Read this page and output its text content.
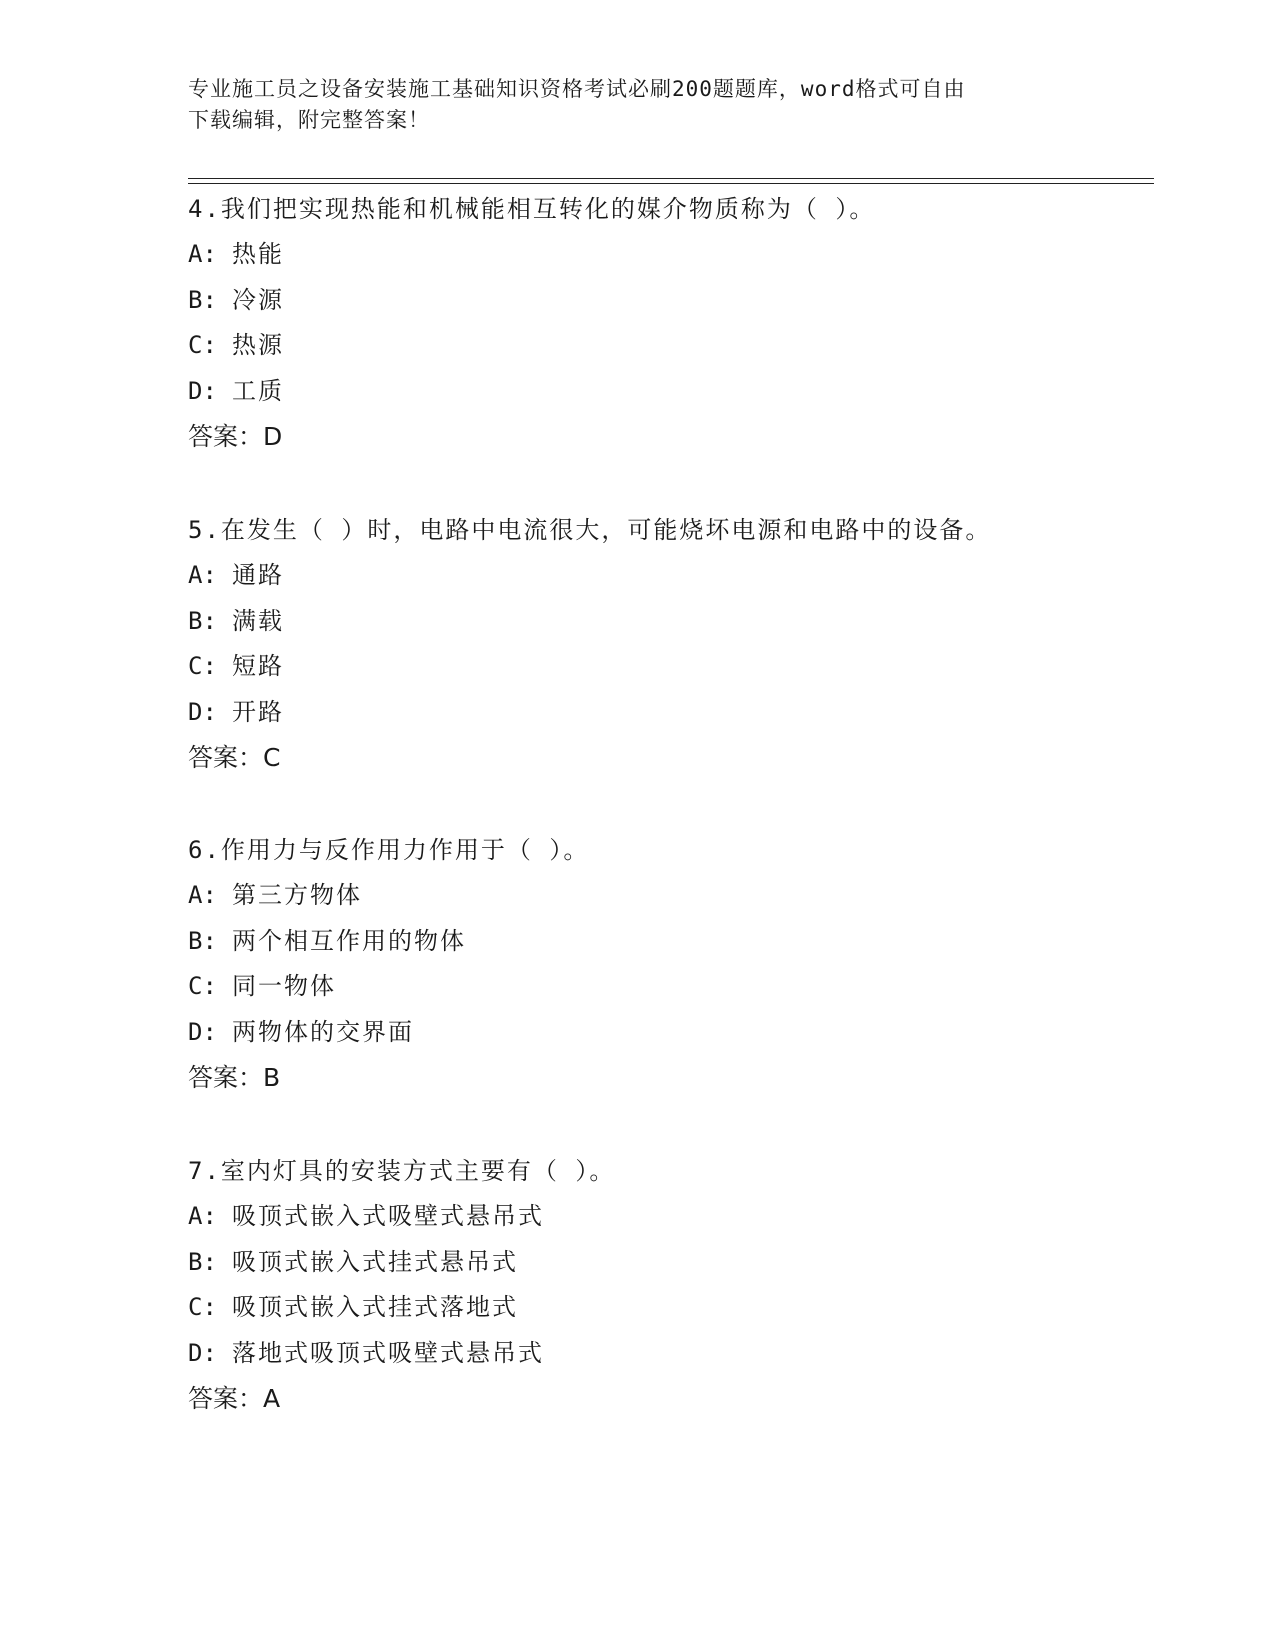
专业施工员之设备安装施工基础知识资格考试必刷200题题库，word格式可自由
下载编辑，附完整答案！
4.我们把实现热能和机械能相互转化的媒介物质称为（ ）。
A: 热能
B: 冷源
C: 热源
D: 工质
答案：D
5.在发生（ ）时，电路中电流很大，可能烧坏电源和电路中的设备。
A: 通路
B: 满载
C: 短路
D: 开路
答案：C
6.作用力与反作用力作用于（ ）。
A: 第三方物体
B: 两个相互作用的物体
C: 同一物体
D: 两物体的交界面
答案：B
7.室内灯具的安装方式主要有（ ）。
A: 吸顶式嵌入式吸壁式悬吊式
B: 吸顶式嵌入式挂式悬吊式
C: 吸顶式嵌入式挂式落地式
D: 落地式吸顶式吸壁式悬吊式
答案：A
